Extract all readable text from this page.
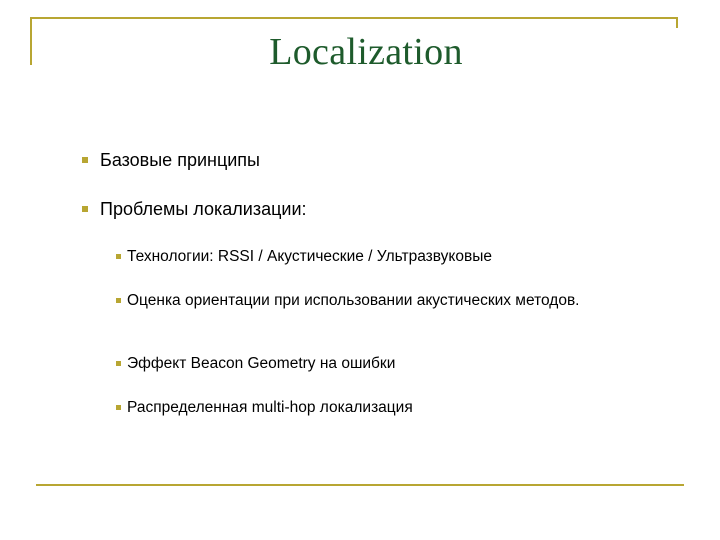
Localization
Базовые принципы
Проблемы локализации:
Технологии: RSSI / Акустические / Ультразвуковые
Оценка ориентации при использовании акустических методов.
Эффект Beacon Geometry на ошибки
Распределенная multi-hop локализация
